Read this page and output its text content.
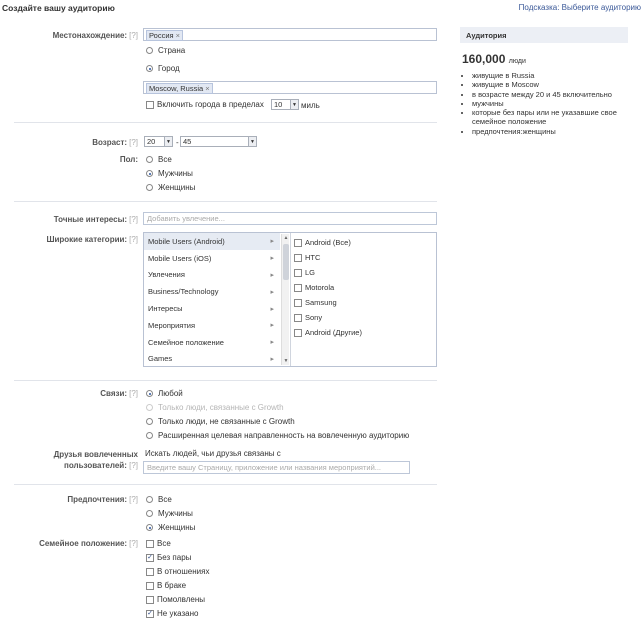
Создайте вашу аудиторию	Подсказка: Выберите аудиторию
Местонахождение: [?]	Россия ×
Страна
Город
Moscow, Russia ×
Включить города в пределах 10	▼ миль
Возраст: [?] 20	▼ - 45	▼
Пол:	Все
Мужчины
Женщины
Точные интересы: [?]	Добавить увлечение...
Широкие категории: [?] Mobile Users (Android)	▸
Mobile Users (iOS)	▸
Увлечения	▸
Business/Technology	▸
Интересы	▸
Мероприятия	▸
Семейное положение	▸
Games	▸
▲
▼
Android (Все)
HTC
LG
Motorola
Samsung
Sony
Android (Другие)
Связи: [?]	Любой
Только люди, связанные с Growth
Только люди, не связанные с Growth
Расширенная целевая направленность на вовлеченную аудиторию
Друзья вовлеченных
пользователей: [?]
Искать людей, чьи друзья связаны с
Введите вашу Страницу, приложение или названия мероприятий...
Предпочтения: [?]	Все
Мужчины
Женщины
Семейное положение: [?] Все
✓ Без пары
В отношениях
В браке
Помолвлены
✓ Не указано
Аудитория
160,000 люди
• живущие в Russia
• живущие в Moscow
• в возрасте между 20 и 45 включительно
• мужчины
• которые без пары или не указавшие свое семейное положение
• предпочтения:женщины
